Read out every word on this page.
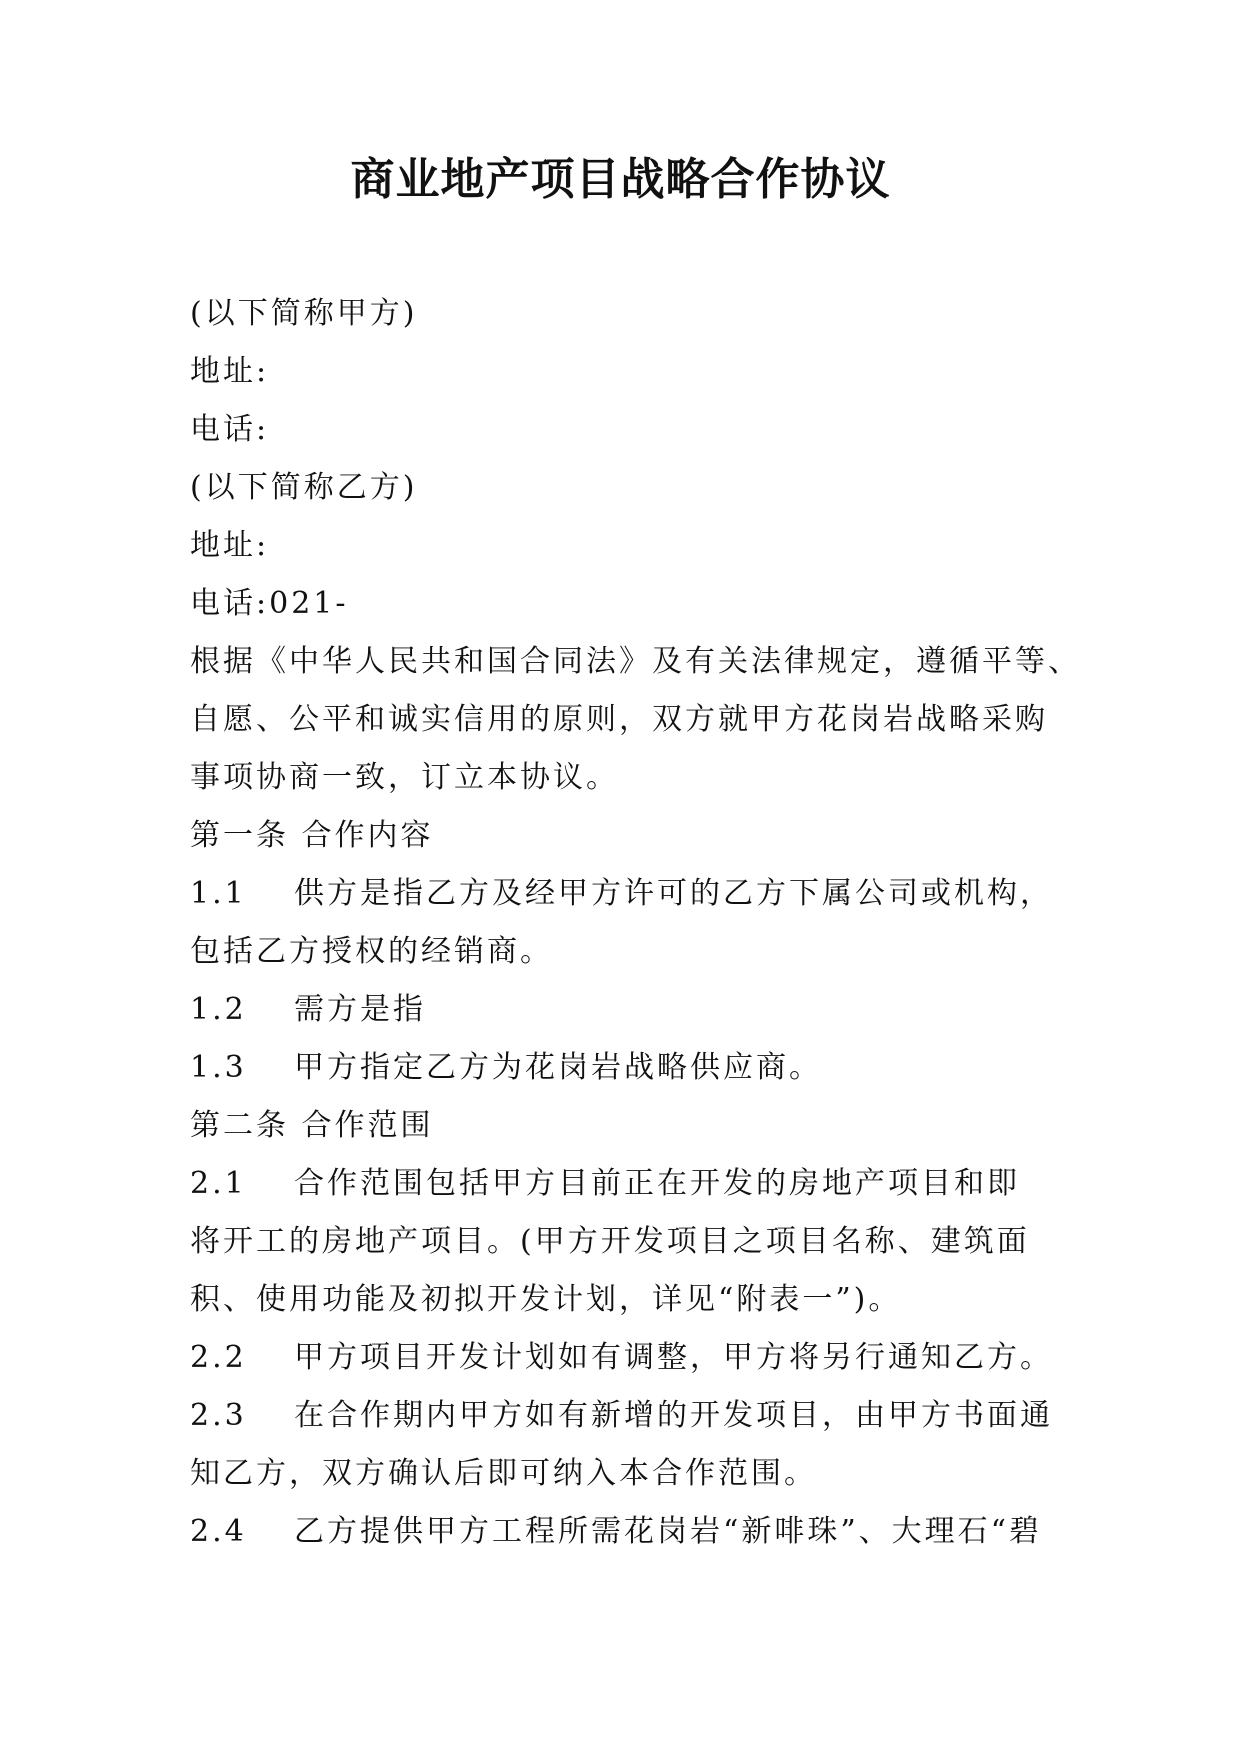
商业地产项目战略合作协议
(以下简称甲方)
地址:
电话:
(以下简称乙方)
地址:
电话:021-
根据《中华人民共和国合同法》及有关法律规定，遵循平等、
自愿、公平和诚实信用的原则，双方就甲方花岗岩战略采购
事项协商一致，订立本协议。
第一条 合作内容
1.1 供方是指乙方及经甲方许可的乙方下属公司或机构，
包括乙方授权的经销商。
1.2 需方是指
1.3 甲方指定乙方为花岗岩战略供应商。
第二条 合作范围
2.1 合作范围包括甲方目前正在开发的房地产项目和即
将开工的房地产项目。(甲方开发项目之项目名称、建筑面
积、使用功能及初拟开发计划，详见“附表一”)。
2.2 甲方项目开发计划如有调整，甲方将另行通知乙方。
2.3 在合作期内甲方如有新增的开发项目，由甲方书面通
知乙方，双方确认后即可纳入本合作范围。
2.4 乙方提供甲方工程所需花岗岩“新啡珠”、大理石“碧
